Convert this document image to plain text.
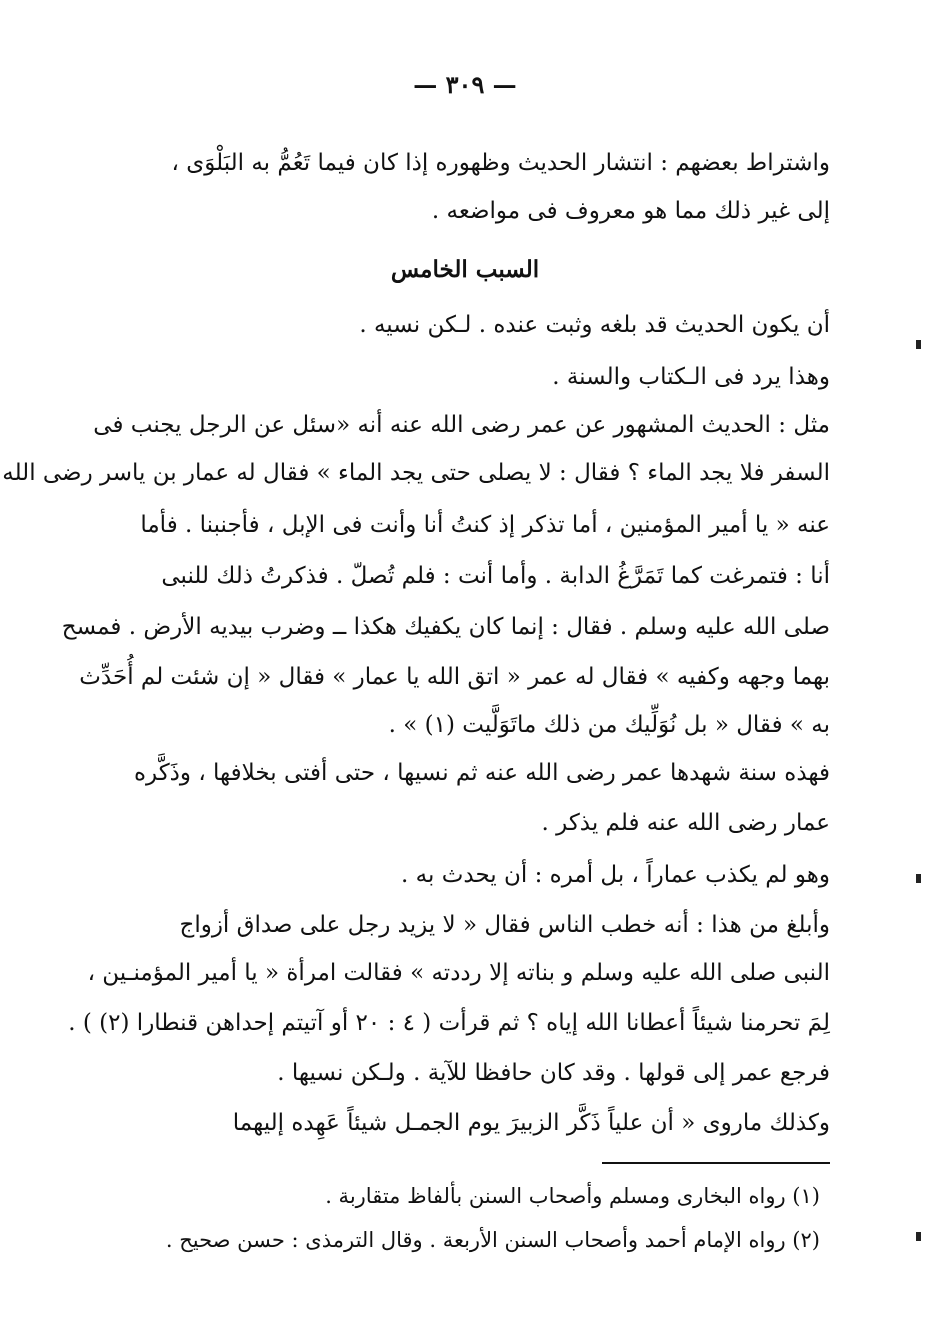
— ٣٠٩ —
واشتراط بعضهم : انتشار الحديث وظهوره إذا كان فيما تَعُمُّ به البَلْوَى ،
إلى غير ذلك مما هو معروف فى مواضعه .
السبب الخامس
أن يكون الحديث قد بلغه وثبت عنده . لـكن نسيه .
وهذا يرد فى الـكتاب والسنة .
مثل : الحديث المشهور عن عمر رضى الله عنه أنه «سئل عن الرجل يجنب فى
السفر فلا يجد الماء ؟ فقال : لا يصلى حتى يجد الماء » فقال له عمار بن ياسر رضى الله
عنه « يا أمير المؤمنين ، أما تذكر إذ كنتُ أنا وأنت فى الإبل ، فأجنبنا . فأما
أنا : فتمرغت كما تَمَرَّغُ الدابة . وأما أنت : فلم تُصلّ . فذكرتُ ذلك للنبى
صلى الله عليه وسلم . فقال : إنما كان يكفيك هكذا ــ وضرب بيديه الأرض . فمسح
بهما وجهه وكفيه » فقال له عمر « اتق الله يا عمار » فقال « إن شئت لم أُحَدِّث
به » فقال « بل نُوَلِّيك من ذلك ماتَوَلَّيت (١) » .
فهذه سنة شهدها عمر رضى الله عنه ثم نسيها ، حتى أفتى بخلافها ، وذَكَّره
عمار رضى الله عنه فلم يذكر .
وهو لم يكذب عماراً ، بل أمره : أن يحدث به .
وأبلغ من هذا : أنه خطب الناس فقال « لا يزيد رجل على صداق أزواج
النبى صلى الله عليه وسلم و بناته إلا رددته » فقالت امرأة « يا أمير المؤمنـين ،
لِمَ تحرمنا شيئاً أعطانا الله إياه ؟ ثم قرأت ( ٤ : ٢٠ أو آتيتم إحداهن قنطارا (٢) ) .
فرجع عمر إلى قولها . وقد كان حافظا للآية . ولـكن نسيها .
وكذلك ماروى « أن علياً ذَكَّر الزبيرَ يوم الجمـل شيئاً عَهِده إليهما
(١) رواه البخارى ومسلم وأصحاب السنن بألفاظ متقاربة .
(٢) رواه الإمام أحمد وأصحاب السنن الأربعة . وقال الترمذى : حسن صحيح .
